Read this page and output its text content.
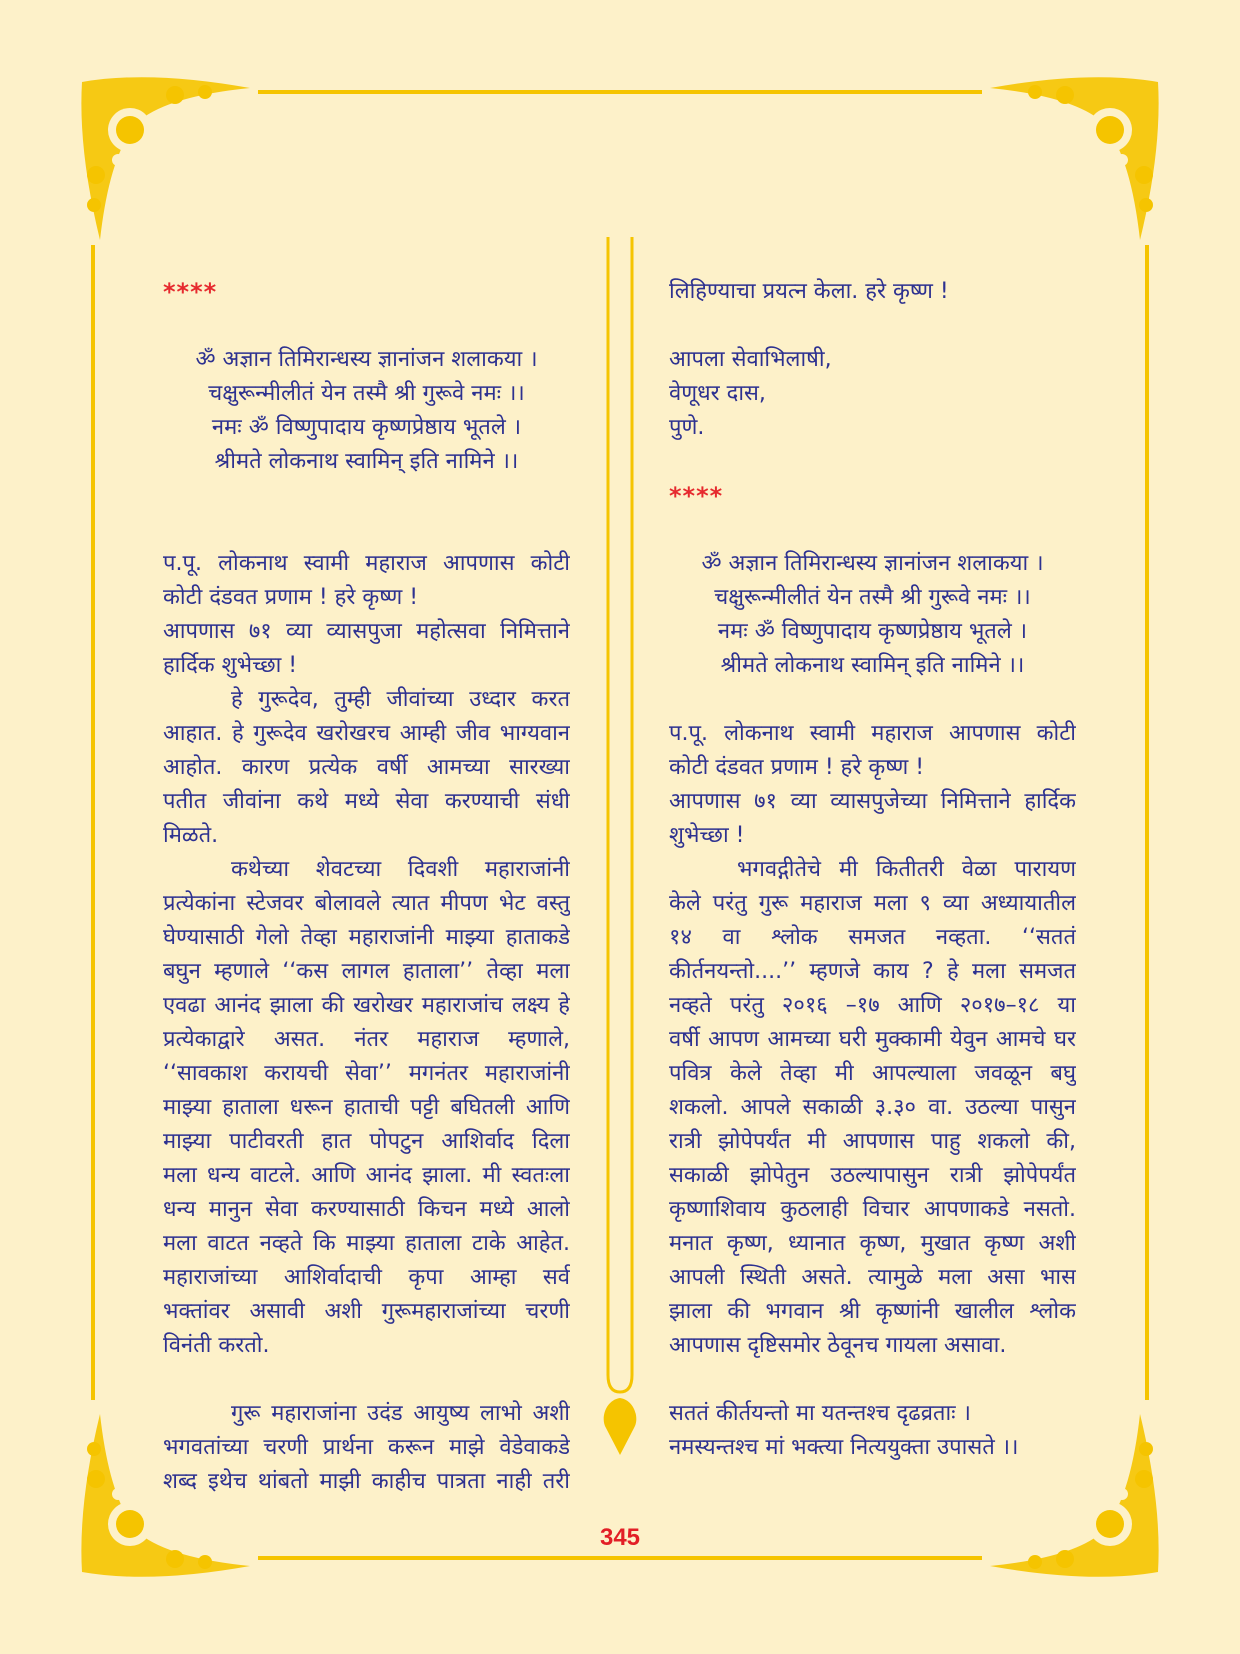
****
ॐ अज्ञान तिमिरान्धस्य ज्ञानांजन शलाकया ।
चक्षुरून्मीलीतं येन तस्मै श्री गुरूवे नमः ।।
नमः ॐ विष्णुपादाय कृष्णप्रेष्ठाय भूतले ।
श्रीमते लोकनाथ स्वामिन् इति नामिने ।।
प.पू. लोकनाथ स्वामी महाराज आपणास कोटी
कोटी दंडवत प्रणाम ! हरे कृष्ण !
आपणास ७१ व्या व्यासपुजा महोत्सवा निमित्ताने
हार्दिक शुभेच्छा !
हे गुरूदेव, तुम्ही जीवांच्या उध्दार करत
आहात. हे गुरूदेव खरोखरच आम्ही जीव भाग्यवान
आहोत. कारण प्रत्येक वर्षी आमच्या सारख्या
पतीत जीवांना कथे मध्ये सेवा करण्याची संधी
मिळते.
कथेच्या शेवटच्या दिवशी महाराजांनी
प्रत्येकांना स्टेजवर बोलावले त्यात मीपण भेट वस्तु
घेण्यासाठी गेलो तेव्हा महाराजांनी माझ्या हाताकडे
बघुन म्हणाले ‘‘कस लागल हाताला’’ तेव्हा मला
एवढा आनंद झाला की खरोखर महाराजांच लक्ष्य हे
प्रत्येकाद्वारे असत. नंतर महाराज म्हणाले,
‘‘सावकाश करायची सेवा’’ मगनंतर महाराजांनी
माझ्या हाताला धरून हाताची पट्टी बघितली आणि
माझ्या पाटीवरती हात पोपटुन आशिर्वाद दिला
मला धन्य वाटले. आणि आनंद झाला. मी स्वतःला
धन्य मानुन सेवा करण्यासाठी किचन मध्ये आलो
मला वाटत नव्हते कि माझ्या हाताला टाके आहेत.
महाराजांच्या आशिर्वादाची कृपा आम्हा सर्व
भक्तांवर असावी अशी गुरूमहाराजांच्या चरणी
विनंती करतो.
गुरू महाराजांना उदंड आयुष्य लाभो अशी
भगवतांच्या चरणी प्रार्थना करून माझे वेडेवाकडे
शब्द इथेच थांबतो माझी काहीच पात्रता नाही तरी
लिहिण्याचा प्रयत्न केला. हरे कृष्ण !
आपला सेवाभिलाषी,
वेणूधर दास,
पुणे.
****
ॐ अज्ञान तिमिरान्धस्य ज्ञानांजन शलाकया ।
चक्षुरून्मीलीतं येन तस्मै श्री गुरूवे नमः ।।
नमः ॐ विष्णुपादाय कृष्णप्रेष्ठाय भूतले ।
श्रीमते लोकनाथ स्वामिन् इति नामिने ।।
प.पू. लोकनाथ स्वामी महाराज आपणास कोटी
कोटी दंडवत प्रणाम ! हरे कृष्ण !
आपणास ७१ व्या व्यासपुजेच्या निमित्ताने हार्दिक
शुभेच्छा !
भगवद्गीतेचे मी कितीतरी वेळा पारायण
केले परंतु गुरू महाराज मला ९ व्या अध्यायातील
१४ वा श्लोक समजत नव्हता. ‘‘सततं
कीर्तनयन्तो....’’ म्हणजे काय ? हे मला समजत
नव्हते परंतु २०१६ –१७ आणि २०१७–१८ या
वर्षी आपण आमच्या घरी मुक्कामी येवुन आमचे घर
पवित्र केले तेव्हा मी आपल्याला जवळून बघु
शकलो. आपले सकाळी ३.३० वा. उठल्या पासुन
रात्री झोपेपर्यंत मी आपणास पाहु शकलो की,
सकाळी झोपेतुन उठल्यापासुन रात्री झोपेपर्यंत
कृष्णाशिवाय कुठलाही विचार आपणाकडे नसतो.
मनात कृष्ण, ध्यानात कृष्ण, मुखात कृष्ण अशी
आपली स्थिती असते. त्यामुळे मला असा भास
झाला की भगवान श्री कृष्णांनी खालील श्लोक
आपणास दृष्टिसमोर ठेवूनच गायला असावा.
सततं कीर्तयन्तो मा यतन्तश्च दृढव्रताः ।
नमस्यन्तश्च मां भक्त्या नित्ययुक्ता उपासते ।।
345
